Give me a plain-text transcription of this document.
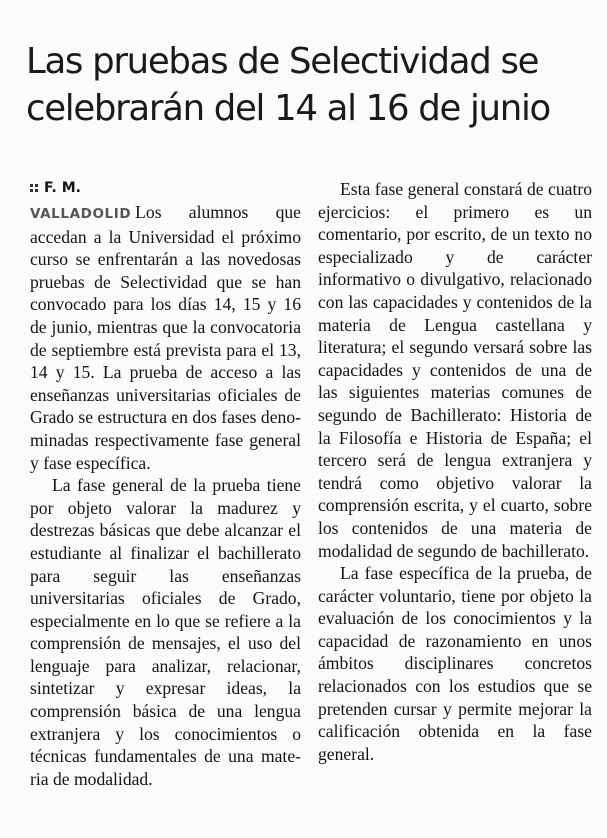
Las pruebas de Selectividad se celebrarán del 14 al 16 de junio
F. M.

VALLADOLID Los alumnos que accedan a la Universidad el próximo curso se enfrentarán a las novedosas pruebas de Selectividad que se han convocado para los días 14, 15 y 16 de junio, mientras que la convocatoria de septiembre está prevista para el 13, 14 y 15. La prueba de acceso a las enseñanzas universitarias oficiales de Grado se estructura en dos fases denominadas respectivamente fase general y fase específica.

La fase general de la prueba tiene por objeto valorar la madurez y destrezas básicas que debe alcanzar el estudiante al finalizar el bachillerato para seguir las enseñanzas universitarias oficiales de Grado, especialmente en lo que se refiere a la comprensión de mensajes, el uso del lenguaje para analizar, relacionar, sintetizar y expresar ideas, la comprensión básica de una lengua extranjera y los conocimientos o técnicas fundamentales de una materia de modalidad.

Esta fase general constará de cuatro ejercicios: el primero es un comentario, por escrito, de un texto no especializado y de carácter informativo o divulgativo, relacionado con las capacidades y contenidos de la materia de Lengua castellana y literatura; el segundo versará sobre las capacidades y contenidos de una de las siguientes materias comunes de segundo de Bachillerato: Historia de la Filosofía e Historia de España; el tercero será de lengua extranjera y tendrá como objetivo valorar la comprensión escrita, y el cuarto, sobre los contenidos de una materia de modalidad de segundo de bachillerato.

La fase específica de la prueba, de carácter voluntario, tiene por objeto la evaluación de los conocimientos y la capacidad de razonamiento en unos ámbitos disciplinares concretos relacionados con los estudios que se pretenden cursar y permite mejorar la calificación obtenida en la fase general.
